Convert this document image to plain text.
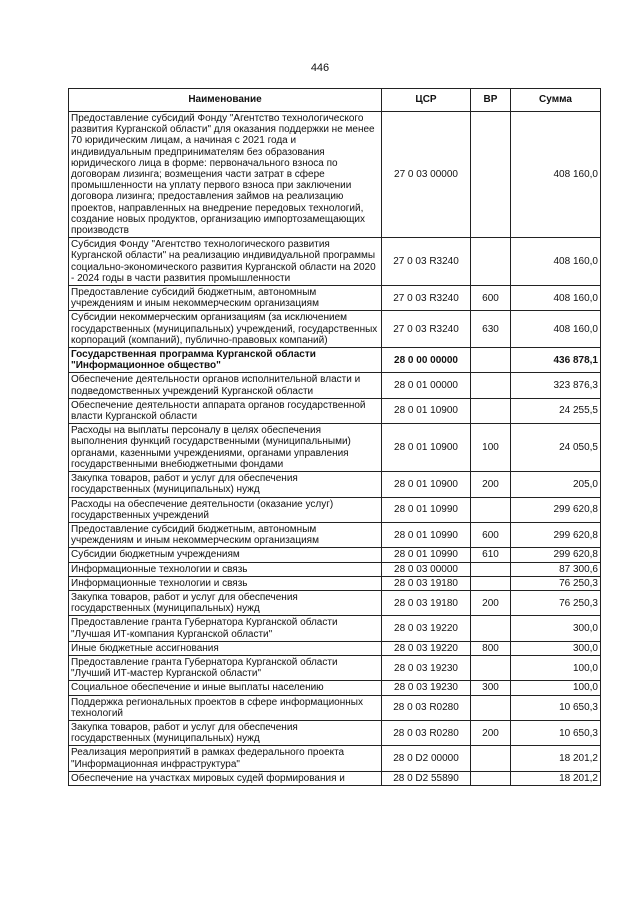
446
Наименование	ЦСР	ВР	Сумма
Предоставление субсидий Фонду "Агентство технологического развития Курганской области" для оказания поддержки не менее 70 юридическим лицам, а начиная с 2021 года и индивидуальным предпринимателям без образования юридического лица в форме: первоначального взноса по договорам лизинга; возмещения части затрат в сфере промышленности на уплату первого взноса при заключении договора лизинга; предоставления займов на реализацию проектов, направленных на внедрение передовых технологий, создание новых продуктов, организацию импортозамещающих производств	27 0 03 00000		408 160,0
Субсидия Фонду "Агентство технологического развития Курганской области" на реализацию индивидуальной программы социально-экономического развития Курганской области на 2020 - 2024 годы в части развития промышленности	27 0 03 R3240		408 160,0
Предоставление субсидий бюджетным, автономным учреждениям и иным некоммерческим организациям	27 0 03 R3240	600	408 160,0
Субсидии некоммерческим организациям (за исключением государственных (муниципальных) учреждений, государственных корпораций (компаний), публично-правовых компаний)	27 0 03 R3240	630	408 160,0
Государственная программа Курганской области "Информационное общество"	28 0 00 00000		436 878,1
Обеспечение деятельности органов исполнительной власти и подведомственных учреждений Курганской области	28 0 01 00000		323 876,3
Обеспечение деятельности аппарата органов государственной власти Курганской области	28 0 01 10900		24 255,5
Расходы на выплаты персоналу в целях обеспечения выполнения функций государственными (муниципальными) органами, казенными учреждениями, органами управления государственными внебюджетными фондами	28 0 01 10900	100	24 050,5
Закупка товаров, работ и услуг для обеспечения государственных (муниципальных) нужд	28 0 01 10900	200	205,0
Расходы на обеспечение деятельности (оказание услуг) государственных учреждений	28 0 01 10990		299 620,8
Предоставление субсидий бюджетным, автономным учреждениям и иным некоммерческим организациям	28 0 01 10990	600	299 620,8
Субсидии бюджетным учреждениям	28 0 01 10990	610	299 620,8
Информационные технологии и связь	28 0 03 00000		87 300,6
Информационные технологии и связь	28 0 03 19180		76 250,3
Закупка товаров, работ и услуг для обеспечения государственных (муниципальных) нужд	28 0 03 19180	200	76 250,3
Предоставление гранта Губернатора Курганской области "Лучшая ИТ-компания Курганской области"	28 0 03 19220		300,0
Иные бюджетные ассигнования	28 0 03 19220	800	300,0
Предоставление гранта Губернатора Курганской области "Лучший ИТ-мастер Курганской области"	28 0 03 19230		100,0
Социальное обеспечение и иные выплаты населению	28 0 03 19230	300	100,0
Поддержка региональных проектов в сфере информационных технологий	28 0 03 R0280		10 650,3
Закупка товаров, работ и услуг для обеспечения государственных (муниципальных) нужд	28 0 03 R0280	200	10 650,3
Реализация мероприятий в рамках федерального проекта "Информационная инфраструктура"	28 0 D2 00000		18 201,2
Обеспечение на участках мировых судей формирования и	28 0 D2 55890		18 201,2
